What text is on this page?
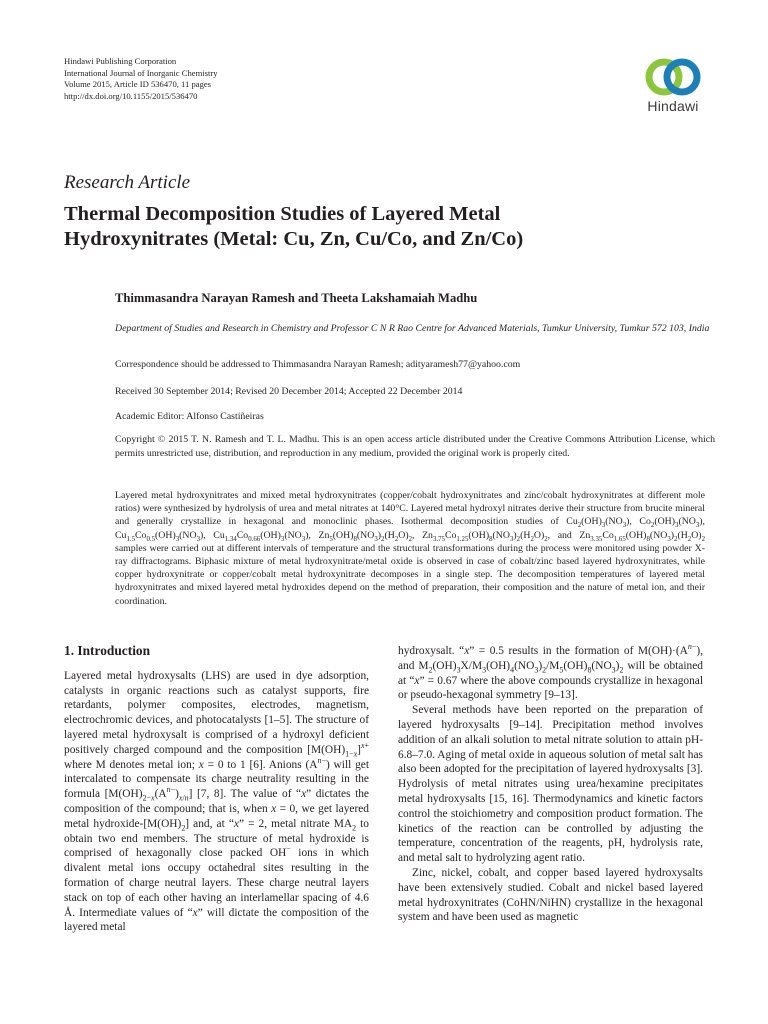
Hindawi Publishing Corporation
International Journal of Inorganic Chemistry
Volume 2015, Article ID 536470, 11 pages
http://dx.doi.org/10.1155/2015/536470
Hindawi
Research Article
Thermal Decomposition Studies of Layered Metal
Hydroxynitrates (Metal: Cu, Zn, Cu/Co, and Zn/Co)
Thimmasandra Narayan Ramesh and Theeta Lakshamaiah Madhu
Department of Studies and Research in Chemistry and Professor C N R Rao Centre for Advanced Materials, Tumkur University, Tumkur 572 103, India
Correspondence should be addressed to Thimmasandra Narayan Ramesh; adityaramesh77@yahoo.com
Received 30 September 2014; Revised 20 December 2014; Accepted 22 December 2014
Academic Editor: Alfonso Castiñeiras
Copyright © 2015 T. N. Ramesh and T. L. Madhu. This is an open access article distributed under the Creative Commons Attribution License, which permits unrestricted use, distribution, and reproduction in any medium, provided the original work is properly cited.
Layered metal hydroxynitrates and mixed metal hydroxynitrates (copper/cobalt hydroxynitrates and zinc/cobalt hydroxynitrates at different mole ratios) were synthesized by hydrolysis of urea and metal nitrates at 140°C. Layered metal hydroxyl nitrates derive their structure from brucite mineral and generally crystallize in hexagonal and monoclinic phases. Isothermal decomposition studies of $Cu_2(OH)_3(NO_3)$, $Co_2(OH)_3(NO_3)$, $Cu_{1.5}Co_{0.5}(OH)_3(NO_3)$, $Cu_{1.34}Co_{0.66}(OH)_3(NO_3)$, $Zn_5(OH)_8(NO_3)_2(H_2O)_2$, $Zn_{3.75}Co_{1.25}(OH)_8(NO_3)_2(H_2O)_2$, and $Zn_{3.35}Co_{1.65}(OH)_8(NO_3)_2(H_2O)_2$ samples were carried out at different intervals of temperature and the structural transformations during the process were monitored using powder X-ray diffractograms. Biphasic mixture of metal hydroxynitrate/metal oxide is observed in case of cobalt/zinc based layered hydroxynitrates, while copper hydroxynitrate or copper/cobalt metal hydroxynitrate decomposes in a single step. The decomposition temperatures of layered metal hydroxynitrates and mixed layered metal hydroxides depend on the method of preparation, their composition and the nature of metal ion, and their coordination.
1. Introduction

Layered metal hydroxysalts (LHS) are used in dye adsorption, catalysts in organic reactions such as catalyst supports, fire retardants, polymer composites, electrodes, magnetism, electrochromic devices, and photocatalysts [1–5]. The structure of layered metal hydroxysalt is comprised of a hydroxyl deficient positively charged compound and the composition $[M(OH)_{1-x}]^{x+}$ where M denotes metal ion; x = 0 to 1 [6]. Anions $(A^{n-})$ will get intercalated to compensate its charge neutrality resulting in the formula $[M(OH)_{2-x}(A^{n-})_{x/n}]$ [7, 8]. The value of “x” dictates the composition of the compound; that is, when x = 0, we get layered metal hydroxide-$[M(OH)_2]$ and, at “x” = 2, metal nitrate $MA_2$ to obtain two end members. The structure of metal hydroxide is comprised of hexagonally close packed OH− ions in which divalent metal ions occupy octahedral sites resulting in the formation of charge neutral layers. These charge neutral layers stack on top of each other having an interlamellar spacing of 4.6 Å. Intermediate values of “x” will dictate the composition of the layered metal

hydroxysalt. “x” = 0.5 results in the formation of $M(OH)\cdot(A^{n-})$, and $M_2(OH)_3X/M_3(OH)_4(NO_3)_2/M_5(OH)_8(NO_3)_2$ will be obtained at “x” = 0.67 where the above compounds crystallize in hexagonal or pseudo-hexagonal symmetry [9–13].

Several methods have been reported on the preparation of layered hydroxysalts [9–14]. Precipitation method involves addition of an alkali solution to metal nitrate solution to attain pH-6.8–7.0. Aging of metal oxide in aqueous solution of metal salt has also been adopted for the precipitation of layered hydroxysalts [3]. Hydrolysis of metal nitrates using urea/hexamine precipitates metal hydroxysalts [15, 16]. Thermodynamics and kinetic factors control the stoichiometry and composition product formation. The kinetics of the reaction can be controlled by adjusting the temperature, concentration of the reagents, pH, hydrolysis rate, and metal salt to hydrolyzing agent ratio.

Zinc, nickel, cobalt, and copper based layered hydroxysalts have been extensively studied. Cobalt and nickel based layered metal hydroxynitrates (CoHN/NiHN) crystallize in the hexagonal system and have been used as magnetic
